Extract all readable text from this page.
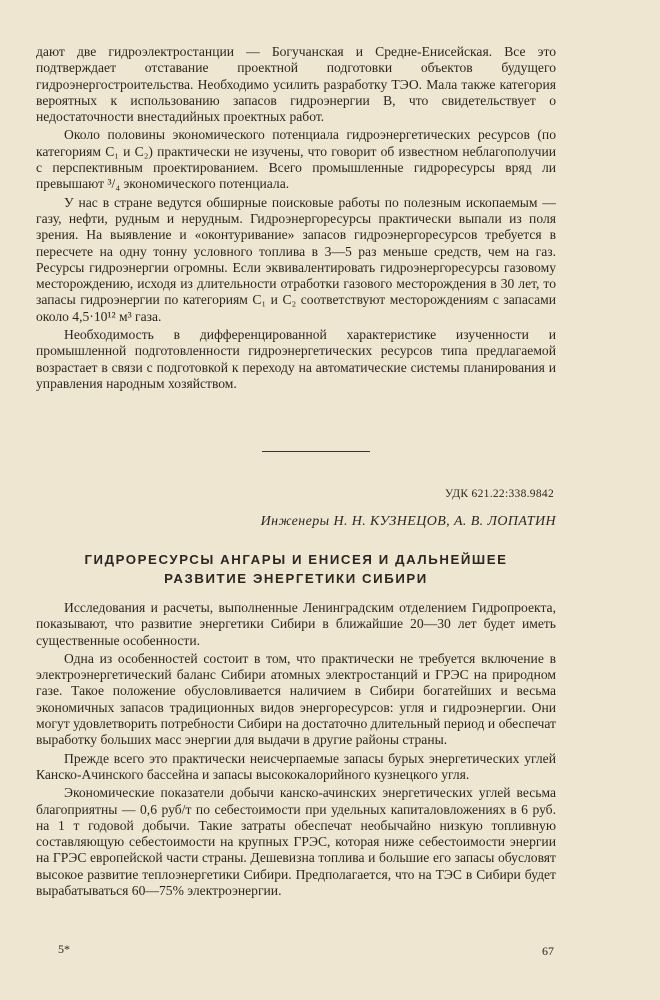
дают две гидроэлектростанции — Богучанская и Средне-Енисейская. Все это подтверждает отставание проектной подготовки объектов будущего гидроэнергостроительства. Необходимо усилить разработку ТЭО. Мала также категория вероятных к использованию запасов гидроэнергии B, что свидетельствует о недостаточности внестадийных проектных работ.

Около половины экономического потенциала гидроэнергетических ресурсов (по категориям C₁ и C₂) практически не изучены, что говорит об известном неблагополучии с перспективным проектированием. Всего промышленные гидроресурсы вряд ли превышают ³/₄ экономического потенциала.

У нас в стране ведутся обширные поисковые работы по полезным ископаемым — газу, нефти, рудным и нерудным. Гидроэнергоресурсы практически выпали из поля зрения. На выявление и «оконтуривание» запасов гидроэнергоресурсов требуется в пересчете на одну тонну условного топлива в 3—5 раз меньше средств, чем на газ. Ресурсы гидроэнергии огромны. Если эквивалентировать гидроэнергоресурсы газовому месторождению, исходя из длительности отработки газового месторождения в 30 лет, то запасы гидроэнергии по категориям C₁ и C₂ соответствуют месторождениям с запасами около 4,5·10¹² м³ газа.

Необходимость в дифференцированной характеристике изученности и промышленной подготовленности гидроэнергетических ресурсов типа предлагаемой возрастает в связи с подготовкой к переходу на автоматические системы планирования и управления народным хозяйством.

УДК 621.22:338.9842
Инженеры Н. Н. КУЗНЕЦОВ, А. В. ЛОПАТИН
ГИДРОРЕСУРСЫ АНГАРЫ И ЕНИСЕЯ И ДАЛЬНЕЙШЕЕ
РАЗВИТИЕ ЭНЕРГЕТИКИ СИБИРИ

Исследования и расчеты, выполненные Ленинградским отделением Гидропроекта, показывают, что развитие энергетики Сибири в ближайшие 20—30 лет будет иметь существенные особенности.

Одна из особенностей состоит в том, что практически не требуется включение в электроэнергетический баланс Сибири атомных электростанций и ГРЭС на природном газе. Такое положение обусловливается наличием в Сибири богатейших и весьма экономичных запасов традиционных видов энергоресурсов: угля и гидроэнергии. Они могут удовлетворить потребности Сибири на достаточно длительный период и обеспечат выработку больших масс энергии для выдачи в другие районы страны.

Прежде всего это практически неисчерпаемые запасы бурых энергетических углей Канско-Ачинского бассейна и запасы высококалорийного кузнецкого угля.

Экономические показатели добычи канско-ачинских энергетических углей весьма благоприятны — 0,6 руб/т по себестоимости при удельных капиталовложениях в 6 руб. на 1 т годовой добычи. Такие затраты обеспечат необычайно низкую топливную составляющую себестоимости на крупных ГРЭС, которая ниже себестоимости энергии на ГРЭС европейской части страны. Дешевизна топлива и большие его запасы обусловят высокое развитие теплоэнергетики Сибири. Предполагается, что на ТЭС в Сибири будет вырабатываться 60—75% электроэнергии.

5*	67
